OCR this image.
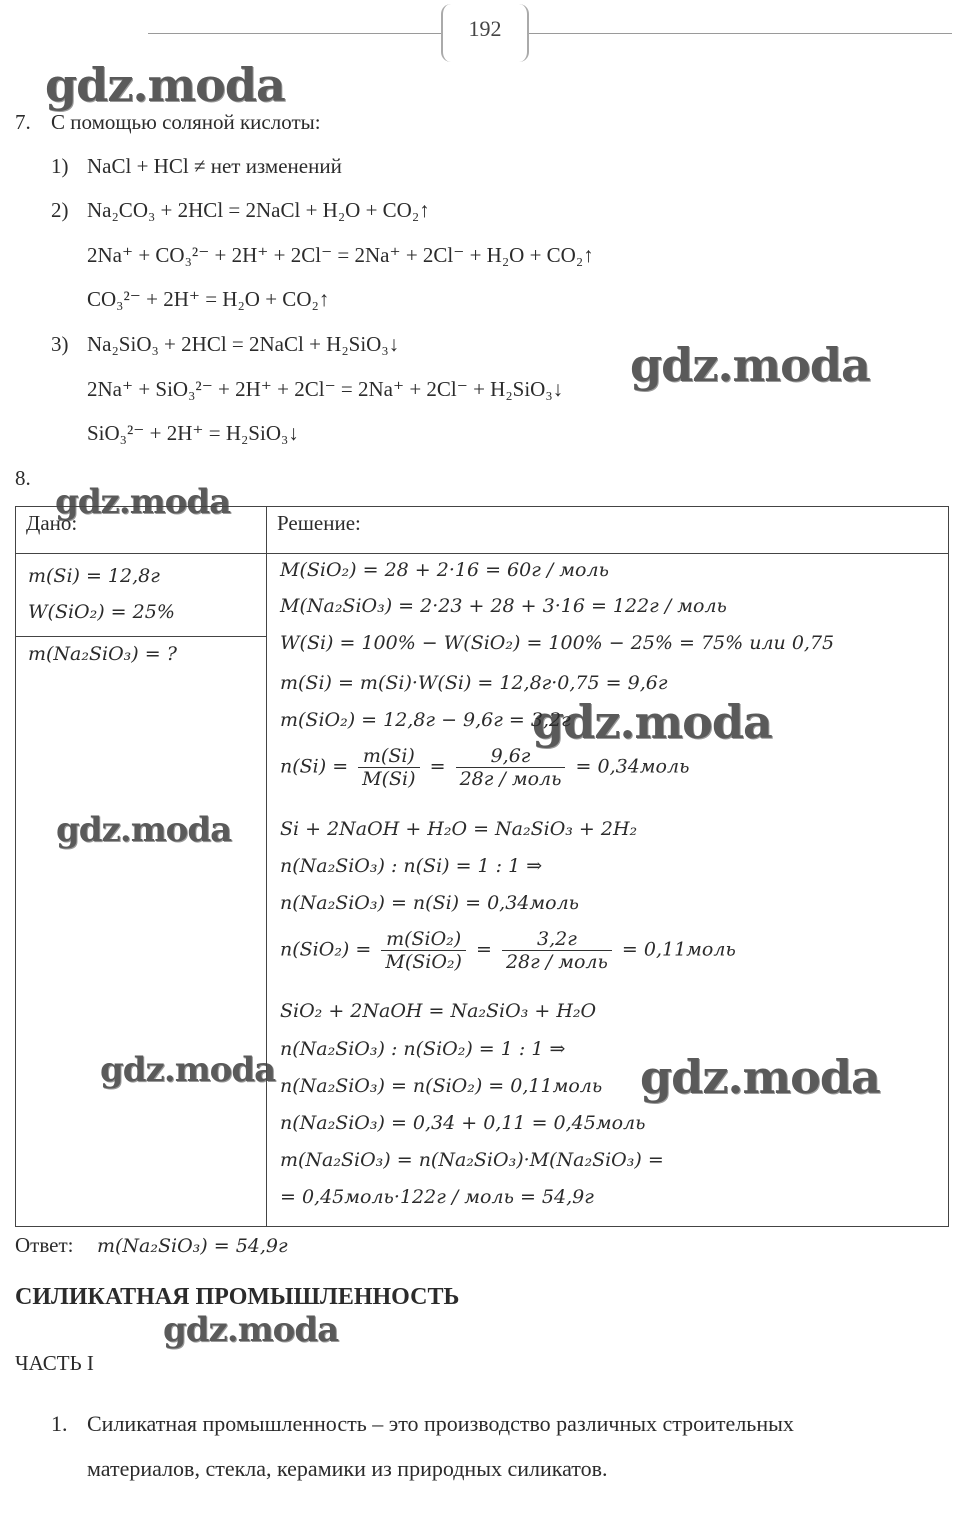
192
gdz.moda
gdz.moda
gdz.moda
gdz.moda
gdz.moda
gdz.moda	gdz.moda
gdz.moda
7. С помощью соляной кислоты:
1) NaCl + HCl ≠ нет изменений
2) Na₂CO₃ + 2HCl = 2NaCl + H₂O + CO₂↑
2Na⁺ + CO₃²⁻ + 2H⁺ + 2Cl⁻ = 2Na⁺ + 2Cl⁻ + H₂O + CO₂↑
CO₃²⁻ + 2H⁺ = H₂O + CO₂↑
3) Na₂SiO₃ + 2HCl = 2NaCl + H₂SiO₃↓
2Na⁺ + SiO₃²⁻ + 2H⁺ + 2Cl⁻ = 2Na⁺ + 2Cl⁻ + H₂SiO₃↓
SiO₃²⁻ + 2H⁺ = H₂SiO₃↓
8.
Дано:	Решение:

m(Si) = 12,8г
W(SiO₂) = 25%	

m(Na₂SiO₃) = ?	
M(SiO₂) = 28 + 2·16 = 60г / моль
M(Na₂SiO₃) = 2·23 + 28 + 3·16 = 122г / моль
W(Si) = 100% − W(SiO₂) = 100% − 25% = 75% или 0,75
m(Si) = m(Si)·W(Si) = 12,8г·0,75 = 9,6г
m(SiO₂) = 12,8г − 9,6г = 3,2г
$n(Si) = \frac{m(Si)}{M(Si)} = \frac{9,6г}{\text{28г / моль}}$ = 0,34моль
Si + 2NaOH + H₂O = Na₂SiO₃ + 2H₂
n(Na₂SiO₃) : n(Si) = 1 : 1 ⇒
n(Na₂SiO₃) = n(Si) = 0,34моль
$n(SiO_2) = \frac{\text{m(SiO₂)}}{\text{M(SiO₂)}} = \frac{3,2г}{\text{28г / моль}}$ = 0,11моль
SiO₂ + 2NaOH = Na₂SiO₃ + H₂O
n(Na₂SiO₃) : n(SiO₂) = 1 : 1 ⇒
n(Na₂SiO₃) = n(SiO₂) = 0,11моль
n(Na₂SiO₃) = 0,34 + 0,11 = 0,45моль
m(Na₂SiO₃) = n(Na₂SiO₃)·M(Na₂SiO₃) =
= 0,45моль·122г / моль = 54,9г
Ответ: m(Na₂SiO₃) = 54,9г
СИЛИКАТНАЯ ПРОМЫШЛЕННОСТЬ
ЧАСТЬ I
1. Силикатная промышленность – это производство различных строительных
материалов, стекла, керамики из природных силикатов.
